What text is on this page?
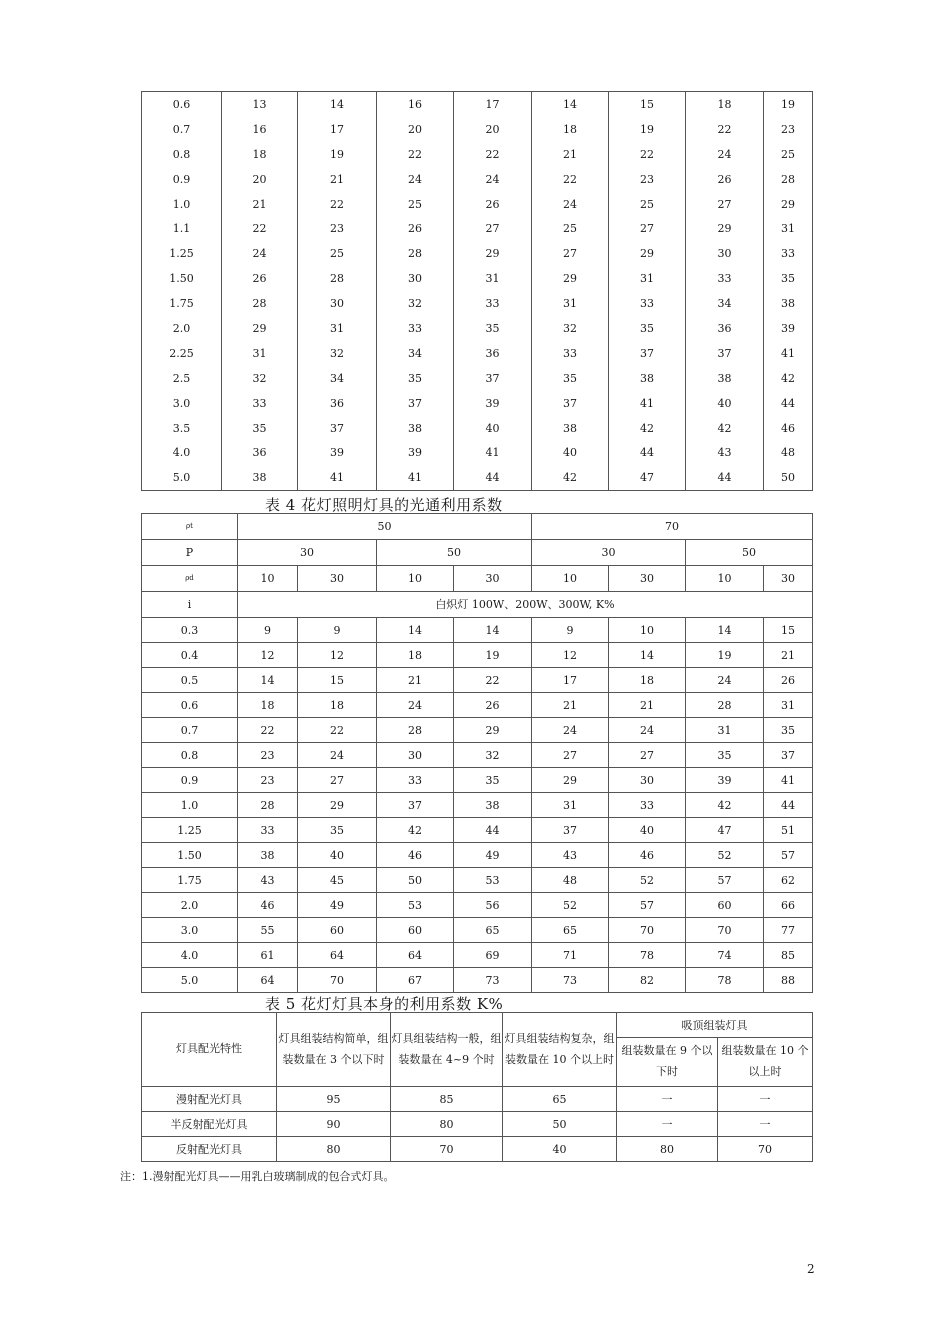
0.6	13	14	16	17	14	15	18	19

0.7	16	17	20	20	18	19	22	23

0.8	18	19	22	22	21	22	24	25

0.9	20	21	24	24	22	23	26	28

1.0	21	22	25	26	24	25	27	29

1.1	22	23	26	27	25	27	29	31

1.25	24	25	28	29	27	29	30	33

1.50	26	28	30	31	29	31	33	35

1.75	28	30	32	33	31	33	34	38

2.0	29	31	33	35	32	35	36	39

2.25	31	32	34	36	33	37	37	41

2.5	32	34	35	37	35	38	38	42

3.0	33	36	37	39	37	41	40	44

3.5	35	37	38	40	38	42	42	46

4.0	36	39	39	41	40	44	43	48

5.0	38	41	41	44	42	47	44	50
表 4 花灯照明灯具的光通利用系数
ρt	50				70			
P	30		50		30		50	
ρd	10	30	10	30	10	30	10	30
i	白炽灯 100W、200W、300W, K%							
0.3	9	9	14	14	9	10	14	15
0.4	12	12	18	19	12	14	19	21
0.5	14	15	21	22	17	18	24	26
0.6	18	18	24	26	21	21	28	31
0.7	22	22	28	29	24	24	31	35
0.8	23	24	30	32	27	27	35	37
0.9	23	27	33	35	29	30	39	41
1.0	28	29	37	38	31	33	42	44
1.25	33	35	42	44	37	40	47	51
1.50	38	40	46	49	43	46	52	57
1.75	43	45	50	53	48	52	57	62
2.0	46	49	53	56	52	57	60	66
3.0	55	60	60	65	65	70	70	77
4.0	61	64	64	69	71	78	74	85
5.0	64	70	67	73	73	82	78	88
表 5 花灯灯具本身的利用系数 K%
灯具配光特性	灯具组装结构简单，组装数量在 3 个以下时	灯具组装结构一般，组装数量在 4~9 个时	灯具组装结构复杂，组装数量在 10 个以上时	吸顶组装灯具	
				组装数量在 9 个以下时	组装数量在 10 个以上时
漫射配光灯具	95	85	65	一	一
半反射配光灯具	90	80	50	一	一
反射配光灯具	80	70	40	80	70
注：1.漫射配光灯具——用乳白玻璃制成的包合式灯具。
2
